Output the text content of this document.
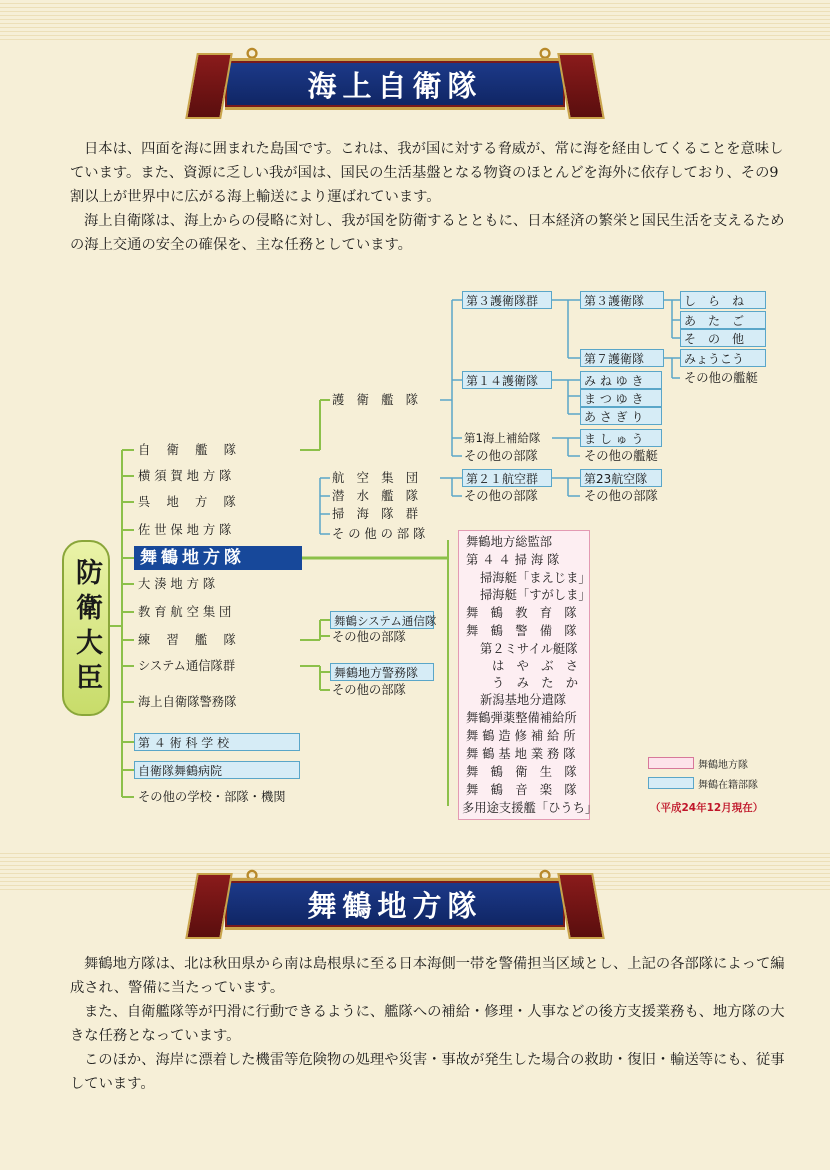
海上自衛隊

日本は、四面を海に囲まれた島国です。これは、我が国に対する脅威が、常に海を経由してくることを意味しています。また、資源に乏しい我が国は、国民の生活基盤となる物資のほとんどを海外に依存しており、その9割以上が世界中に広がる海上輸送により運ばれています。

海上自衛隊は、海上からの侵略に対し、我が国を防衛するとともに、日本経済の繁栄と国民生活を支えるための海上交通の安全の確保を、主な任務としています。

防衛大臣
自　衛　艦　隊
横 須 賀 地 方 隊
呉　 地　 方　 隊
佐 世 保 地 方 隊
舞鶴地方隊
大 湊 地 方 隊
教 育 航 空 集 団
練　 習　 艦　 隊
システム通信隊群
海上自衛隊警務隊
第 ４ 術 科 学 校
自衛隊舞鶴病院
その他の学校・部隊・機関
護　衛　艦　隊
航　空　集　団
潜　水　艦　隊
掃　海　隊　群
そ の 他 の 部 隊
第３護衛隊群
第１４護衛隊
第1海上補給隊
その他の部隊
第３護衛隊
第７護衛隊
し　ら　ね
あ　た　ご
そ　の　他
みょうこう
その他の艦艇
み ね ゆ き
ま つ ゆ き
あ さ ぎ り
ま し ゅ う
その他の艦艇
第２１航空群
その他の部隊
第23航空隊
その他の部隊
舞鶴システム通信隊
その他の部隊
舞鶴地方警務隊
その他の部隊
舞鶴地方総監部
第 ４ ４ 掃 海 隊
掃海艇「まえじま」
掃海艇「すがしま」
舞　鶴　教　育　隊
舞　鶴　警　備　隊
第２ミサイル艇隊
は　や　ぶ　さ
う　み　た　か
新潟基地分遣隊
舞鶴弾薬整備補給所
舞 鶴 造 修 補 給 所
舞 鶴 基 地 業 務 隊
舞　鶴　衛　生　隊
舞　鶴　音　楽　隊
多用途支援艦「ひうち」
舞鶴地方隊
舞鶴在籍部隊
（平成24年12月現在）
舞鶴地方隊

舞鶴地方隊は、北は秋田県から南は島根県に至る日本海側一帯を警備担当区域とし、上記の各部隊によって編成され、警備に当たっています。

また、自衛艦隊等が円滑に行動できるように、艦隊への補給・修理・人事などの後方支援業務も、地方隊の大きな任務となっています。

このほか、海岸に漂着した機雷等危険物の処理や災害・事故が発生した場合の救助・復旧・輸送等にも、従事しています。
